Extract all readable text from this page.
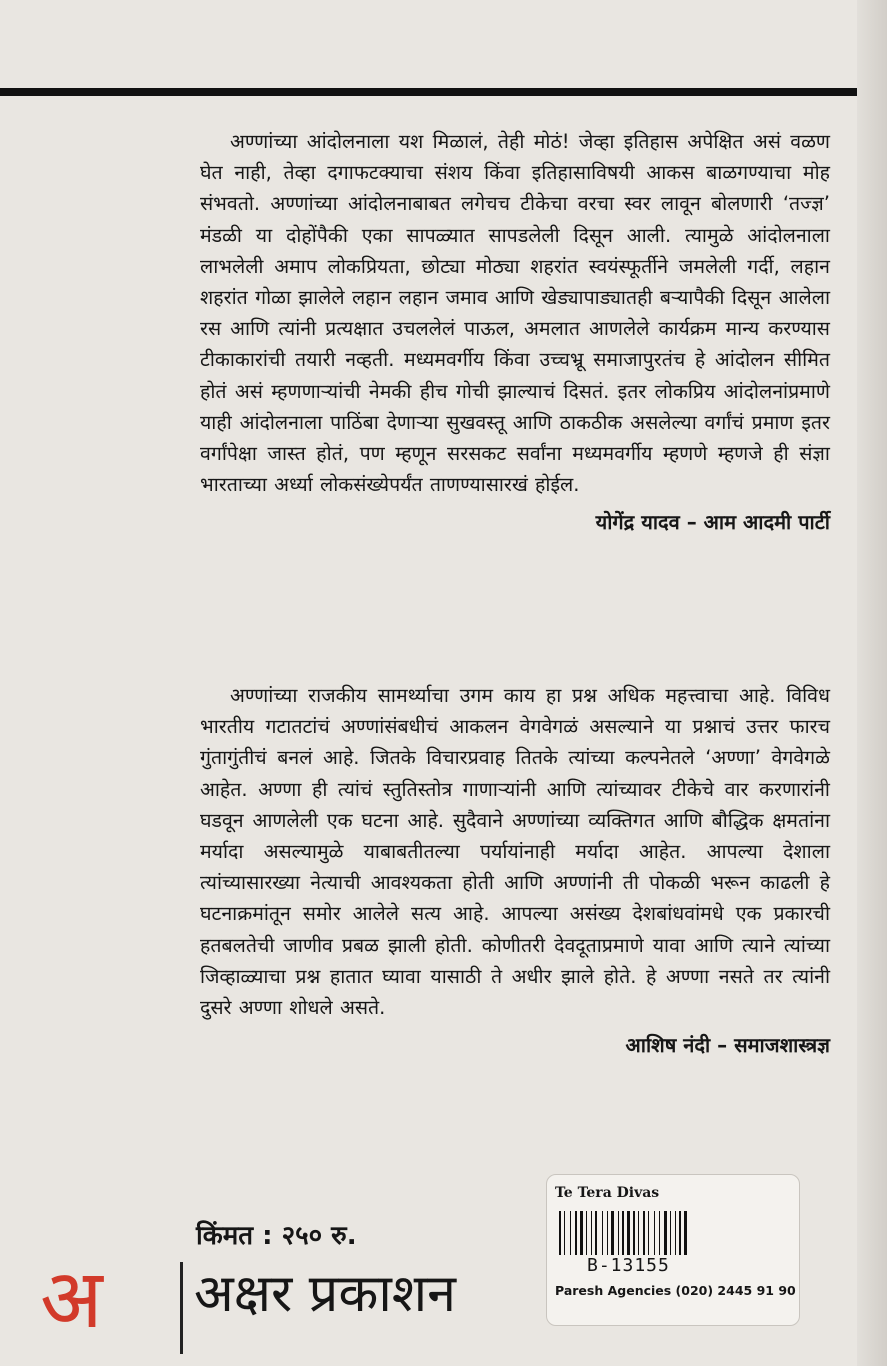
अण्णांच्या आंदोलनाला यश मिळालं, तेही मोठं! जेव्हा इतिहास अपेक्षित असं वळण घेत नाही, तेव्हा दगाफटक्याचा संशय किंवा इतिहासाविषयी आकस बाळगण्याचा मोह संभवतो. अण्णांच्या आंदोलनाबाबत लगेचच टीकेचा वरचा स्वर लावून बोलणारी ‘तज्ज्ञ’ मंडळी या दोहोंपैकी एका सापळ्यात सापडलेली दिसून आली. त्यामुळे आंदोलनाला लाभलेली अमाप लोकप्रियता, छोट्या मोठ्या शहरांत स्वयंस्फूर्तीने जमलेली गर्दी, लहान शहरांत गोळा झालेले लहान लहान जमाव आणि खेड्यापाड्यातही बऱ्यापैकी दिसून आलेला रस आणि त्यांनी प्रत्यक्षात उचललेलं पाऊल, अमलात आणलेले कार्यक्रम मान्य करण्यास टीकाकारांची तयारी नव्हती. मध्यमवर्गीय किंवा उच्चभ्रू समाजापुरतंच हे आंदोलन सीमित होतं असं म्हणणाऱ्यांची नेमकी हीच गोची झाल्याचं दिसतं. इतर लोकप्रिय आंदोलनांप्रमाणे याही आंदोलनाला पाठिंबा देणाऱ्या सुखवस्तू आणि ठाकठीक असलेल्या वर्गांचं प्रमाण इतर वर्गांपेक्षा जास्त होतं, पण म्हणून सरसकट सर्वांना मध्यमवर्गीय म्हणणे म्हणजे ही संज्ञा भारताच्या अर्ध्या लोकसंख्येपर्यंत ताणण्यासारखं होईल.

योगेंद्र यादव – आम आदमी पार्टी

अण्णांच्या राजकीय सामर्थ्याचा उगम काय हा प्रश्न अधिक महत्त्वाचा आहे. विविध भारतीय गटातटांचं अण्णांसंबधीचं आकलन वेगवेगळं असल्याने या प्रश्नाचं उत्तर फारच गुंतागुंतीचं बनलं आहे. जितके विचारप्रवाह तितके त्यांच्या कल्पनेतले ‘अण्णा’ वेगवेगळे आहेत. अण्णा ही त्यांचं स्तुतिस्तोत्र गाणाऱ्यांनी आणि त्यांच्यावर टीकेचे वार करणारांनी घडवून आणलेली एक घटना आहे. सुदैवाने अण्णांच्या व्यक्तिगत आणि बौद्धिक क्षमतांना मर्यादा असल्यामुळे याबाबतीतल्या पर्यायांनाही मर्यादा आहेत. आपल्या देशाला त्यांच्यासारख्या नेत्याची आवश्यकता होती आणि अण्णांनी ती पोकळी भरून काढली हे घटनाक्रमांतून समोर आलेले सत्य आहे. आपल्या असंख्य देशबांधवांमधे एक प्रकारची हतबलतेची जाणीव प्रबळ झाली होती. कोणीतरी देवदूताप्रमाणे यावा आणि त्याने त्यांच्या जिव्हाळ्याचा प्रश्न हातात घ्यावा यासाठी ते अधीर झाले होते. हे अण्णा नसते तर त्यांनी दुसरे अण्णा शोधले असते.

आशिष नंदी – समाजशास्त्रज्ञ
किंमत : २५० रु.
अ अक्षर प्रकाशन
Te Tera Divas
B-13155
Paresh Agencies (020) 2445 91 90
